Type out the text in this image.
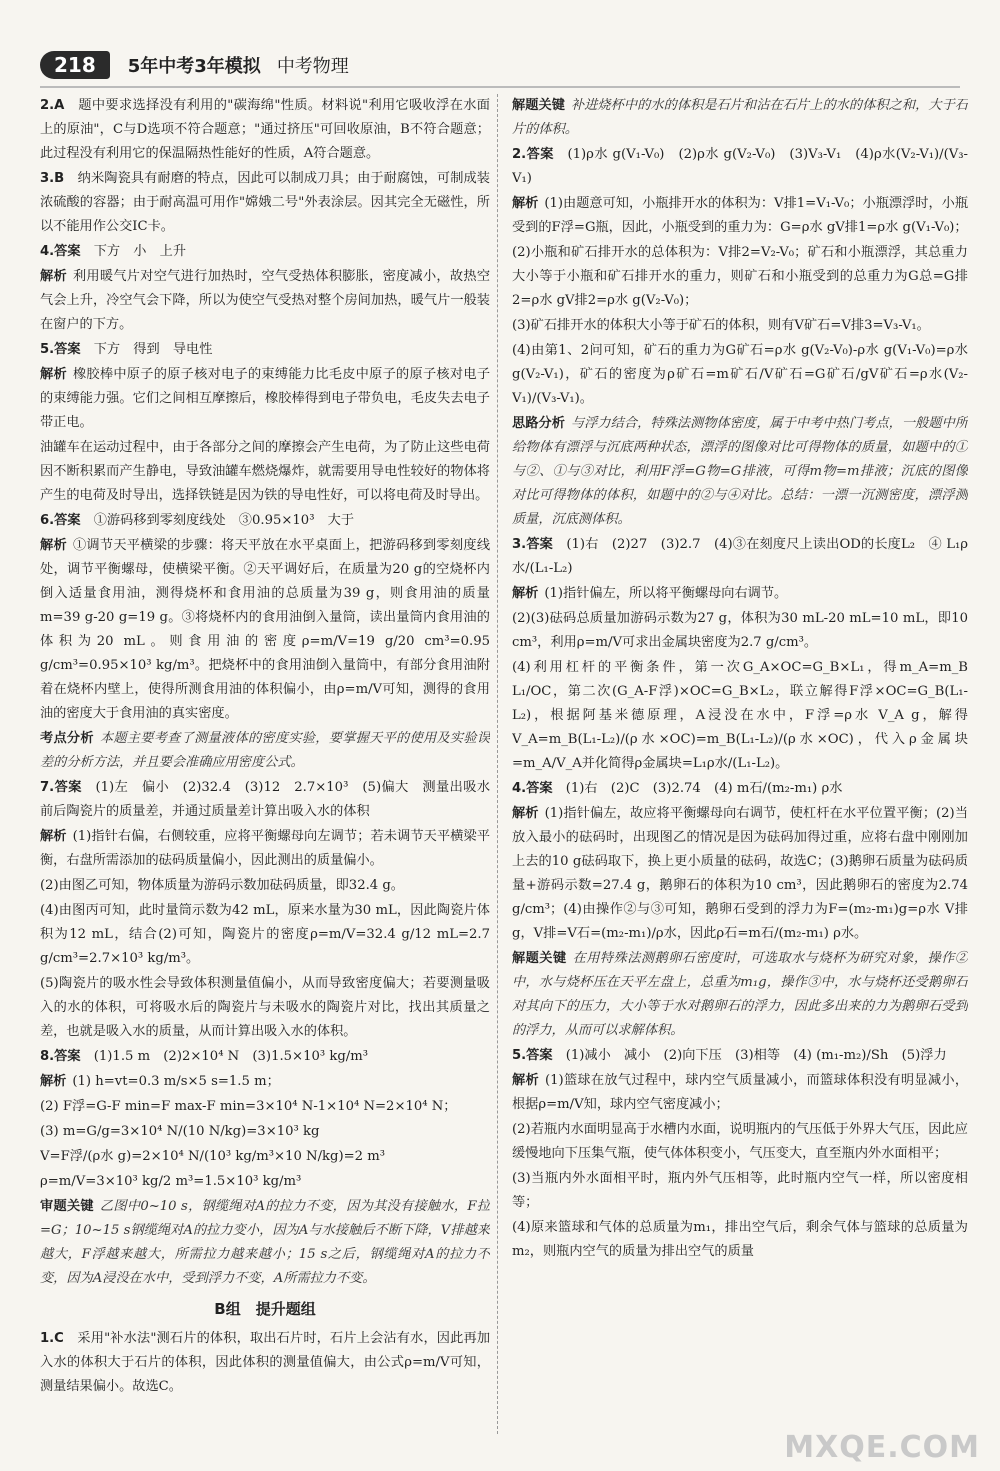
218	5年中考3年模拟 中考物理

2.A　 题中要求选择没有利用的"碳海绵"性质。材料说"利用它吸收浮在水面上的原油"，C与D选项不符合题意；"通过挤压"可回收原油，B不符合题意；此过程没有利用它的保温隔热性能好的性质，A符合题意。

3.B　 纳米陶瓷具有耐磨的特点，因此可以制成刀具；由于耐腐蚀，可制成装浓硫酸的容器；由于耐高温可用作"嫦娥二号"外表涂层。因其完全无磁性，所以不能用作公交IC卡。

4.答案　 下方　小　上升

解析 利用暖气片对空气进行加热时，空气受热体积膨胀，密度减小，故热空气会上升，冷空气会下降，所以为使空气受热对整个房间加热，暖气片一般装在窗户的下方。

5.答案　 下方　得到　导电性

解析 橡胶棒中原子的原子核对电子的束缚能力比毛皮中原子的原子核对电子的束缚能力强。它们之间相互摩擦后，橡胶棒得到电子带负电，毛皮失去电子带正电。

油罐车在运动过程中，由于各部分之间的摩擦会产生电荷，为了防止这些电荷因不断积累而产生静电，导致油罐车燃烧爆炸，就需要用导电性较好的物体将产生的电荷及时导出，选择铁链是因为铁的导电性好，可以将电荷及时导出。

6.答案　 ①游码移到零刻度线处　③0.95×10³　大于

解析 ①调节天平横梁的步骤：将天平放在水平桌面上，把游码移到零刻度线处，调节平衡螺母，使横梁平衡。②天平调好后，在质量为20 g的空烧杯内倒入适量食用油，测得烧杯和食用油的总质量为39 g，则食用油的质量m=39 g-20 g=19 g。③将烧杯内的食用油倒入量筒，读出量筒内食用油的体积为20 mL。则食用油的密度ρ=m/V=19 g/20 cm³=0.95 g/cm³=0.95×10³ kg/m³。把烧杯中的食用油倒入量筒中，有部分食用油附着在烧杯内壁上，使得所测食用油的体积偏小，由ρ=m/V可知，测得的食用油的密度大于食用油的真实密度。

考点分析 本题主要考查了测量液体的密度实验，要掌握天平的使用及实验误差的分析方法，并且要会准确应用密度公式。

7.答案　 (1)左　偏小　(2)32.4　(3)12　2.7×10³　(5)偏大　测量出吸水前后陶瓷片的质量差，并通过质量差计算出吸入水的体积

解析 (1)指针右偏，右侧较重，应将平衡螺母向左调节；若未调节天平横梁平衡，右盘所需添加的砝码质量偏小，因此测出的质量偏小。

(2)由图乙可知，物体质量为游码示数加砝码质量，即32.4 g。

(4)由图丙可知，此时量筒示数为42 mL，原来水量为30 mL，因此陶瓷片体积为12 mL，结合(2)可知，陶瓷片的密度ρ=m/V=32.4 g/12 mL=2.7 g/cm³=2.7×10³ kg/m³。

(5)陶瓷片的吸水性会导致体积测量值偏小，从而导致密度偏大；若要测量吸入的水的体积，可将吸水后的陶瓷片与未吸水的陶瓷片对比，找出其质量之差，也就是吸入水的质量，从而计算出吸入水的体积。

8.答案　 (1)1.5 m　(2)2×10⁴ N　(3)1.5×10³ kg/m³

解析 (1) h=vt=0.3 m/s×5 s=1.5 m；

(2) F浮=G-F min=F max-F min=3×10⁴ N-1×10⁴ N=2×10⁴ N；

(3) m=G/g=3×10⁴ N/(10 N/kg)=3×10³ kg

V=F浮/(ρ水 g)=2×10⁴ N/(10³ kg/m³×10 N/kg)=2 m³

ρ=m/V=3×10³ kg/2 m³=1.5×10³ kg/m³

审题关键 乙图中0~10 s，钢缆绳对A的拉力不变，因为其没有接触水，F拉=G；10~15 s钢缆绳对A的拉力变小，因为A与水接触后不断下降，V排越来越大，F浮越来越大，所需拉力越来越小；15 s之后，钢缆绳对A的拉力不变，因为A浸没在水中，受到浮力不变，A所需拉力不变。

B组　提升题组

1.C　 采用"补水法"测石片的体积，取出石片时，石片上会沾有水，因此再加入水的体积大于石片的体积，因此体积的测量值偏大，由公式ρ=m/V可知，测量结果偏小。故选C。

解题关键 补进烧杯中的水的体积是石片和沾在石片上的水的体积之和，大于石片的体积。

2.答案　 (1)ρ水 g(V₁-V₀)　(2)ρ水 g(V₂-V₀)　(3)V₃-V₁　(4)ρ水(V₂-V₁)/(V₃-V₁)

解析 (1)由题意可知，小瓶排开水的体积为：V排1=V₁-V₀；小瓶漂浮时，小瓶受到的F浮=G瓶，因此，小瓶受到的重力为：G=ρ水 gV排1=ρ水 g(V₁-V₀)；

(2)小瓶和矿石排开水的总体积为：V排2=V₂-V₀；矿石和小瓶漂浮，其总重力大小等于小瓶和矿石排开水的重力，则矿石和小瓶受到的总重力为G总=G排2=ρ水 gV排2=ρ水 g(V₂-V₀)；

(3)矿石排开水的体积大小等于矿石的体积，则有V矿石=V排3=V₃-V₁。

(4)由第1、2问可知，矿石的重力为G矿石=ρ水 g(V₂-V₀)-ρ水 g(V₁-V₀)=ρ水 g(V₂-V₁)，矿石的密度为ρ矿石=m矿石/V矿石=G矿石/gV矿石=ρ水(V₂-V₁)/(V₃-V₁)。

思路分析 与浮力结合，特殊法测物体密度，属于中考中热门考点，一般题中所给物体有漂浮与沉底两种状态，漂浮的图像对比可得物体的质量，如题中的①与②、①与③对比，利用F浮=G物=G排液，可得m物=m排液；沉底的图像对比可得物体的体积，如题中的②与④对比。总结：一漂一沉测密度，漂浮测质量，沉底测体积。

3.答案　 (1)右　(2)27　(3)2.7　(4)③在刻度尺上读出OD的长度L₂　④ L₁ρ水/(L₁-L₂)

解析 (1)指针偏左，所以将平衡螺母向右调节。

(2)(3)砝码总质量加游码示数为27 g，体积为30 mL-20 mL=10 mL，即10 cm³，利用ρ=m/V可求出金属块密度为2.7 g/cm³。

(4)利用杠杆的平衡条件，第一次G_A×OC=G_B×L₁，得m_A=m_B L₁/OC，第二次(G_A-F浮)×OC=G_B×L₂，联立解得F浮×OC=G_B(L₁-L₂)，根据阿基米德原理，A浸没在水中，F浮=ρ水 V_A g，解得V_A=m_B(L₁-L₂)/(ρ水×OC)=m_B(L₁-L₂)/(ρ水×OC)，代入ρ金属块=m_A/V_A并化简得ρ金属块=L₁ρ水/(L₁-L₂)。

4.答案　 (1)右　(2)C　(3)2.74　(4) m石/(m₂-m₁) ρ水

解析 (1)指针偏左，故应将平衡螺母向右调节，使杠杆在水平位置平衡；(2)当放入最小的砝码时，出现图乙的情况是因为砝码加得过重，应将右盘中刚刚加上去的10 g砝码取下，换上更小质量的砝码，故选C；(3)鹅卵石质量为砝码质量+游码示数=27.4 g，鹅卵石的体积为10 cm³，因此鹅卵石的密度为2.74 g/cm³；(4)由操作②与③可知，鹅卵石受到的浮力为F=(m₂-m₁)g=ρ水 V排 g，V排=V石=(m₂-m₁)/ρ水，因此ρ石=m石/(m₂-m₁) ρ水。

解题关键 在用特殊法测鹅卵石密度时，可选取水与烧杯为研究对象，操作②中，水与烧杯压在天平左盘上，总重为m₁g，操作③中，水与烧杯还受鹅卵石对其向下的压力，大小等于水对鹅卵石的浮力，因此多出来的力为鹅卵石受到的浮力，从而可以求解体积。

5.答案　 (1)减小　减小　(2)向下压　(3)相等　(4) (m₁-m₂)/Sh　(5)浮力

解析 (1)篮球在放气过程中，球内空气质量减小，而篮球体积没有明显减小，根据ρ=m/V知，球内空气密度减小；

(2)若瓶内水面明显高于水槽内水面，说明瓶内的气压低于外界大气压，因此应缓慢地向下压集气瓶，使气体体积变小，气压变大，直至瓶内外水面相平；

(3)当瓶内外水面相平时，瓶内外气压相等，此时瓶内空气一样，所以密度相等；

(4)原来篮球和气体的总质量为m₁，排出空气后，剩余气体与篮球的总质量为m₂，则瓶内空气的质量为排出空气的质量

MXQE.COM
